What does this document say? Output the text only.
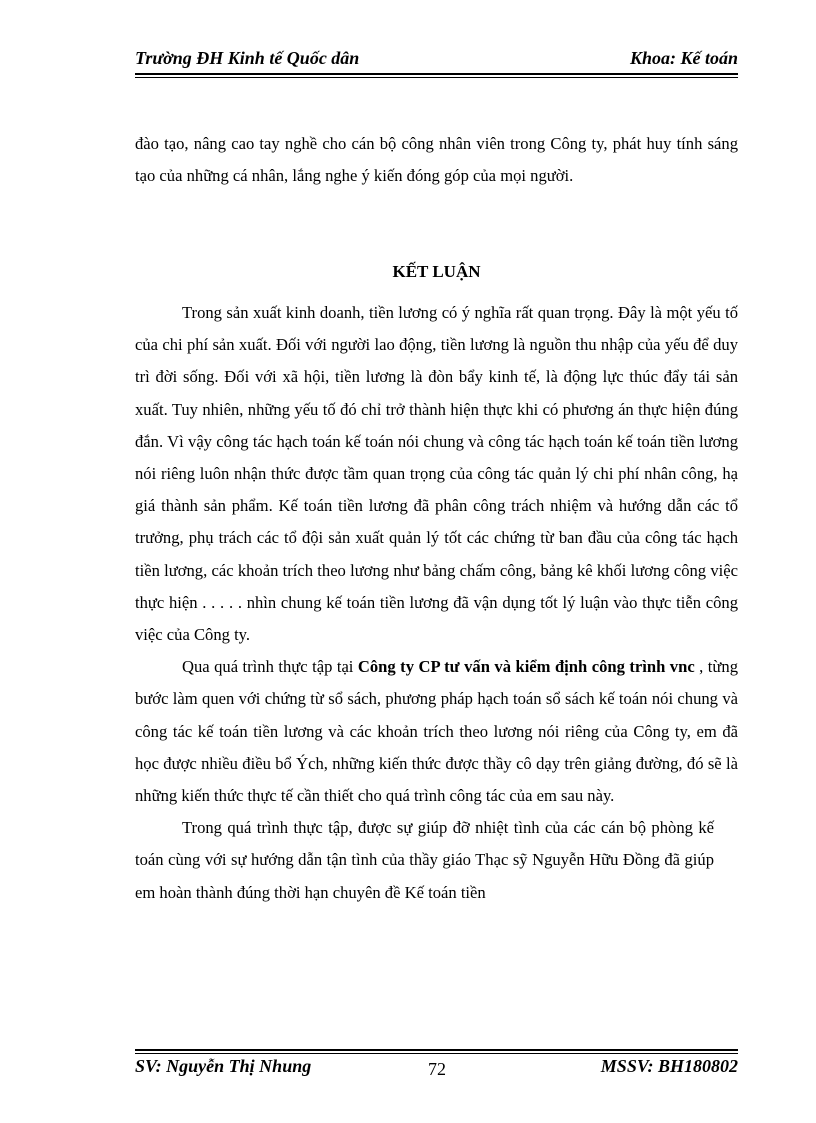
Trường ĐH Kinh tế Quốc dân	Khoa: Kế toán
đào tạo, nâng cao tay nghề cho cán bộ công nhân viên trong Công ty, phát huy tính sáng tạo của những cá nhân, lắng nghe ý kiến đóng góp của mọi người.
KẾT LUẬN

Trong sản xuất kinh doanh, tiền lương có ý nghĩa rất quan trọng. Đây là một yếu tố của chi phí sản xuất. Đối với người lao động, tiền lương là nguồn thu nhập của yếu để duy trì đời sống. Đối với xã hội, tiền lương là đòn bẩy kinh tế, là động lực thúc đẩy tái sản xuất. Tuy nhiên, những yếu tố đó chỉ trở thành hiện thực khi có phương án thực hiện đúng đắn. Vì vậy công tác hạch toán kế toán nói chung và công tác hạch toán kế toán tiền lương nói riêng luôn nhận thức được tầm quan trọng của công tác quản lý chi phí nhân công, hạ giá thành sản phẩm. Kế toán tiền lương đã phân công trách nhiệm và hướng dẫn các tổ trưởng, phụ trách các tổ đội sản xuất quản lý tốt các chứng từ ban đầu của công tác hạch tiền lương, các khoản trích theo lương như bảng chấm công, bảng kê khối lương công việc thực hiện . . . . . nhìn chung kế toán tiền lương đã vận dụng tốt lý luận vào thực tiễn công việc của Công ty.

Qua quá trình thực tập tại Công ty CP tư vấn và kiểm định công trình vnc , từng bước làm quen với chứng từ sổ sách, phương pháp hạch toán sổ sách kế toán nói chung và công tác kế toán tiền lương và các khoản trích theo lương nói riêng của Công ty, em đã học được nhiều điều bổ Ých, những kiến thức được thầy cô dạy trên giảng đường, đó sẽ là những kiến thức thực tế cần thiết cho quá trình công tác của em sau này.

Trong quá trình thực tập, được sự giúp đỡ nhiệt tình của các cán bộ phòng kế toán cùng với sự hướng dẫn tận tình của thầy giáo Thạc sỹ Nguyễn Hữu Đồng đã giúp em hoàn thành đúng thời hạn chuyên đề Kế toán tiền

SV: Nguyễn Thị Nhung	72	MSSV: BH180802
